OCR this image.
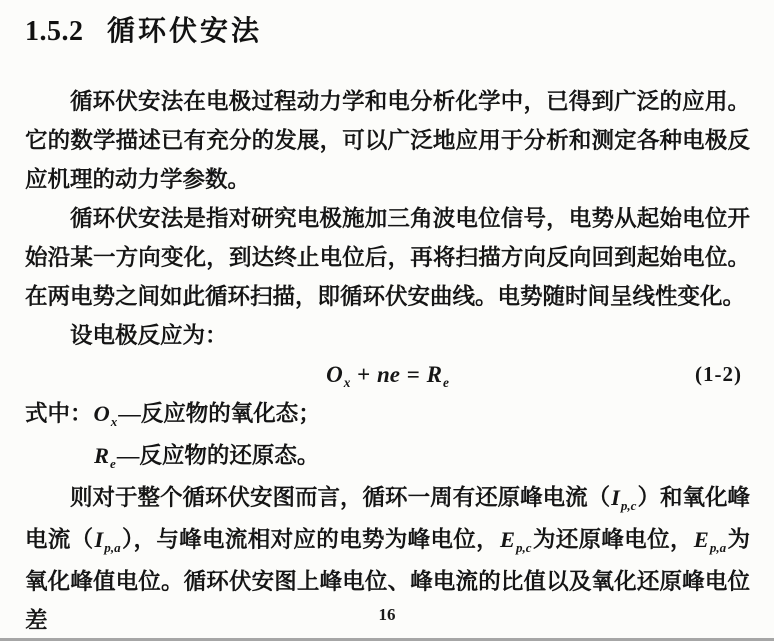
1.5.2 循环伏安法

循环伏安法在电极过程动力学和电分析化学中，已得到广泛的应用。它的数学描述已有充分的发展，可以广泛地应用于分析和测定各种电极反应机理的动力学参数。

循环伏安法是指对研究电极施加三角波电位信号，电势从起始电位开始沿某一方向变化，到达终止电位后，再将扫描方向反向回到起始电位。在两电势之间如此循环扫描，即循环伏安曲线。电势随时间呈线性变化。

设电极反应为：

$O_x$ + ne = $R_e$	(1-2)

式中：$O_x—$反应物的氧化态；

$R_e—$反应物的还原态。

则对于整个循环伏安图而言，循环一周有还原峰电流$(I_{p,c})$和氧化峰电流$(I_{p,a})$，与峰电流相对应的电势为峰电位，$E_{p,c}$为还原峰电位，$E_{p,a}$为氧化峰值电位。循环伏安图上峰电位、峰电流的比值以及氧化还原峰电位差	16
